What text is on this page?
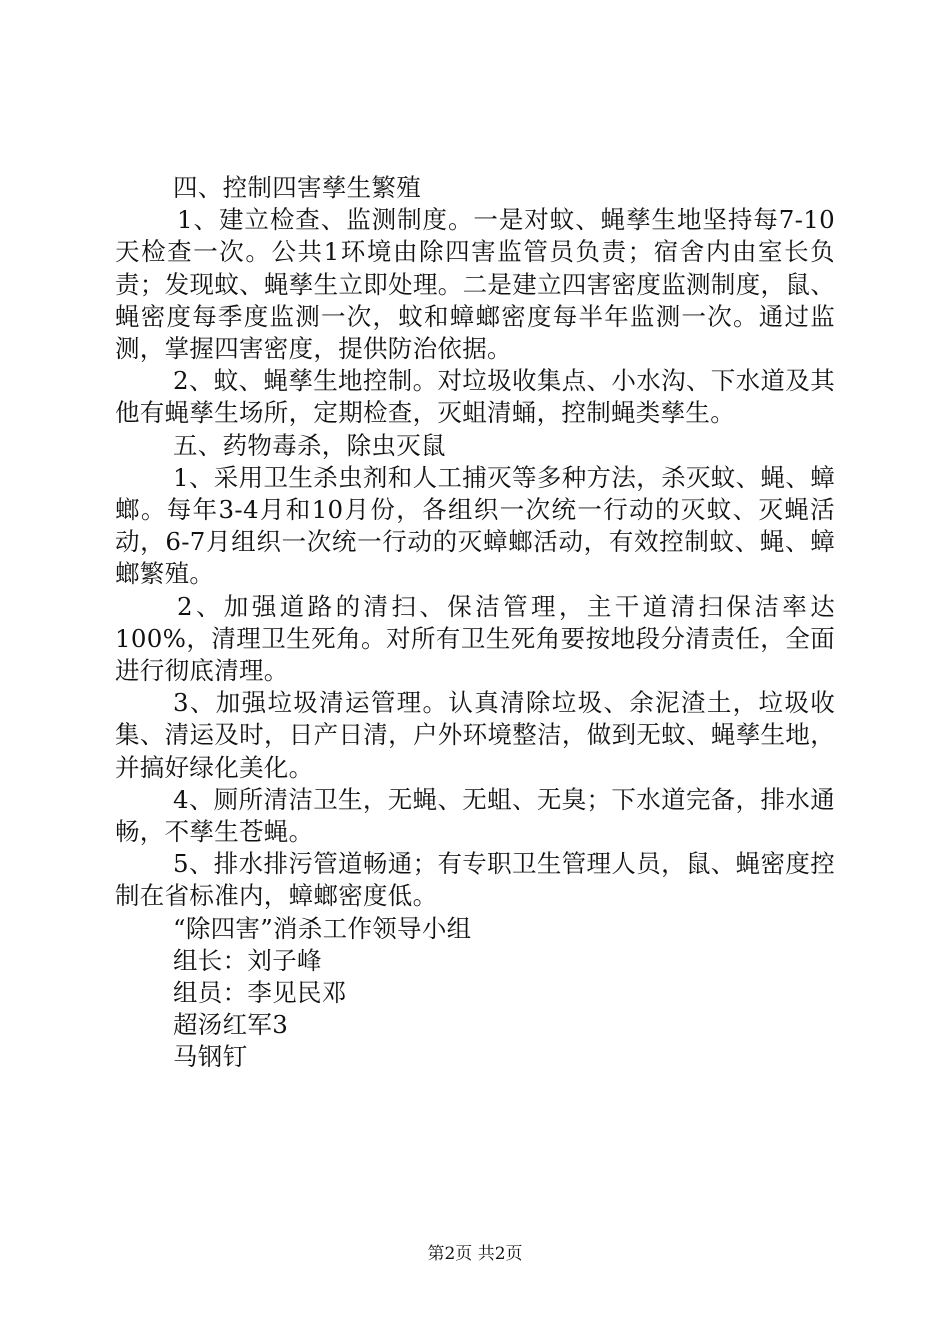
四、控制四害孳生繁殖

1、建立检查、监测制度。一是对蚊、蝇孳生地坚持每7-10天检查一次。公共1环境由除四害监管员负责；宿舍内由室长负责；发现蚊、蝇孳生立即处理。二是建立四害密度监测制度，鼠、蝇密度每季度监测一次，蚊和蟑螂密度每半年监测一次。通过监测，掌握四害密度，提供防治依据。

2、蚊、蝇孳生地控制。对垃圾收集点、小水沟、下水道及其他有蝇孳生场所，定期检查，灭蛆清蛹，控制蝇类孳生。

五、药物毒杀，除虫灭鼠

1、采用卫生杀虫剂和人工捕灭等多种方法，杀灭蚊、蝇、蟑螂。每年3-4月和10月份，各组织一次统一行动的灭蚊、灭蝇活动，6-7月组织一次统一行动的灭蟑螂活动，有效控制蚊、蝇、蟑螂繁殖。

2、加强道路的清扫、保洁管理，主干道清扫保洁率达100%，清理卫生死角。对所有卫生死角要按地段分清责任，全面进行彻底清理。

3、加强垃圾清运管理。认真清除垃圾、余泥渣土，垃圾收集、清运及时，日产日清，户外环境整洁，做到无蚊、蝇孳生地，并搞好绿化美化。

4、厕所清洁卫生，无蝇、无蛆、无臭；下水道完备，排水通畅，不孳生苍蝇。

5、排水排污管道畅通；有专职卫生管理人员，鼠、蝇密度控制在省标准内，蟑螂密度低。

“除四害”消杀工作领导小组

组长：刘子峰

组员：李见民邓

超汤红军3

马钢钉

第2页 共2页
